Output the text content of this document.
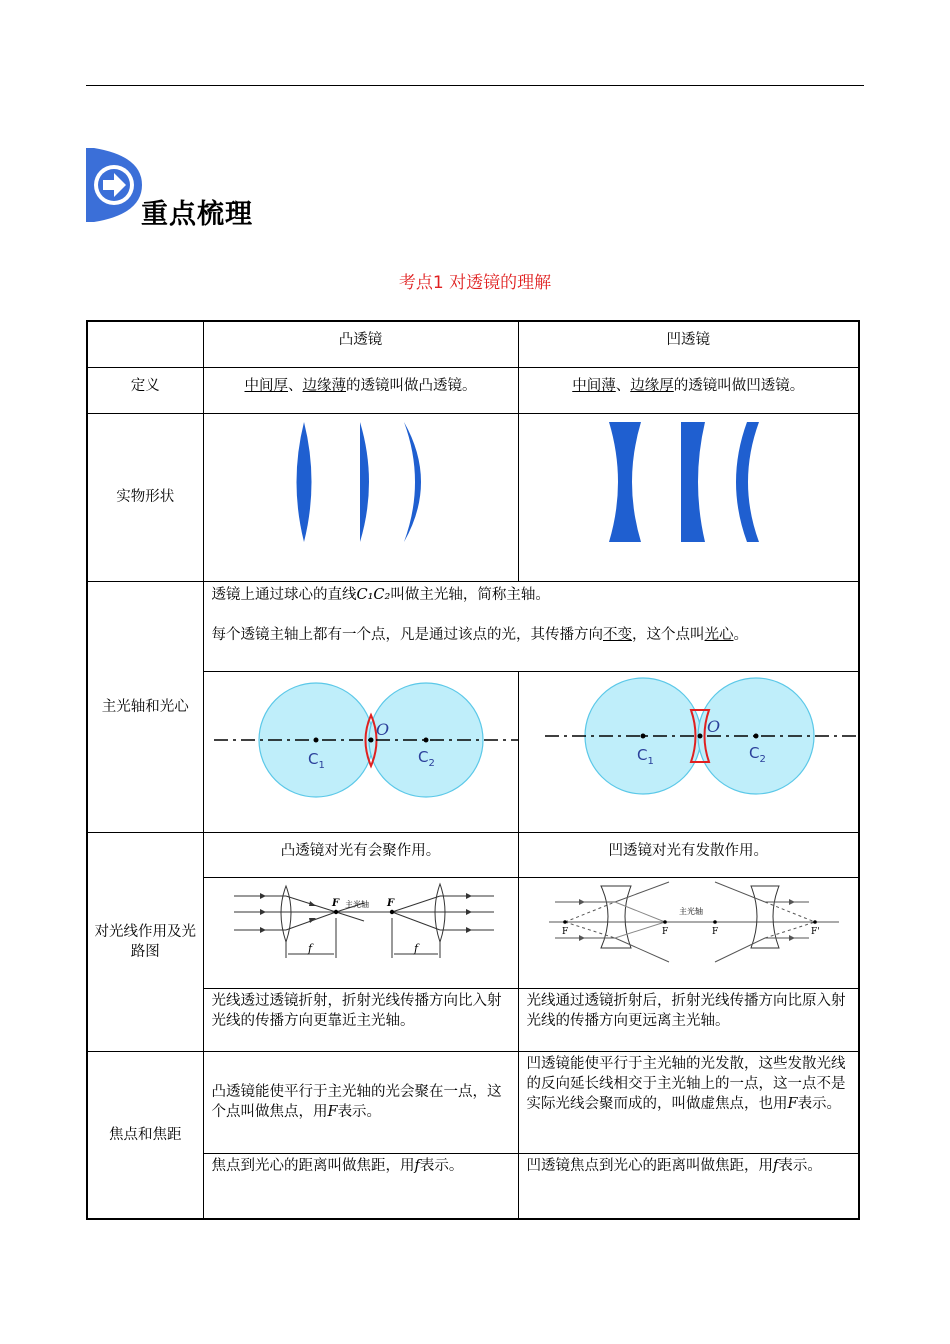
重点梳理
考点1 对透镜的理解

	凸透镜	凹透镜

定义	中间厚、边缘薄的透镜叫做凸透镜。	中间薄、边缘厚的透镜叫做凹透镜。

实物形状		
主光轴和光心	透镜上通过球心的直线C₁C₂叫做主光轴，简称主轴。
每个透镜主轴上都有一个点，凡是通过该点的光，其传播方向不变，这个点叫光心。	

O
$C_1$ $C_2$	O
$C_1$ $C_2$

对光线作用及光路图	凸透镜对光有会聚作用。	凹透镜对光有发散作用。

F 主光轴 F
f f	F F F F'
主光轴

	光线透过透镜折射，折射光线传播方向比入射光线的传播方向更靠近主光轴。	光线通过透镜折射后，折射光线传播方向比原入射光线的传播方向更远离主光轴。

焦点和焦距	凸透镜能使平行于主光轴的光会聚在一点，这个点叫做焦点，用F表示。	凹透镜能使平行于主光轴的光发散，这些发散光线的反向延长线相交于主光轴上的一点，这一点不是实际光线会聚而成的，叫做虚焦点，也用F表示。

	焦点到光心的距离叫做焦距，用f表示。	凹透镜焦点到光心的距离叫做焦距，用f表示。
